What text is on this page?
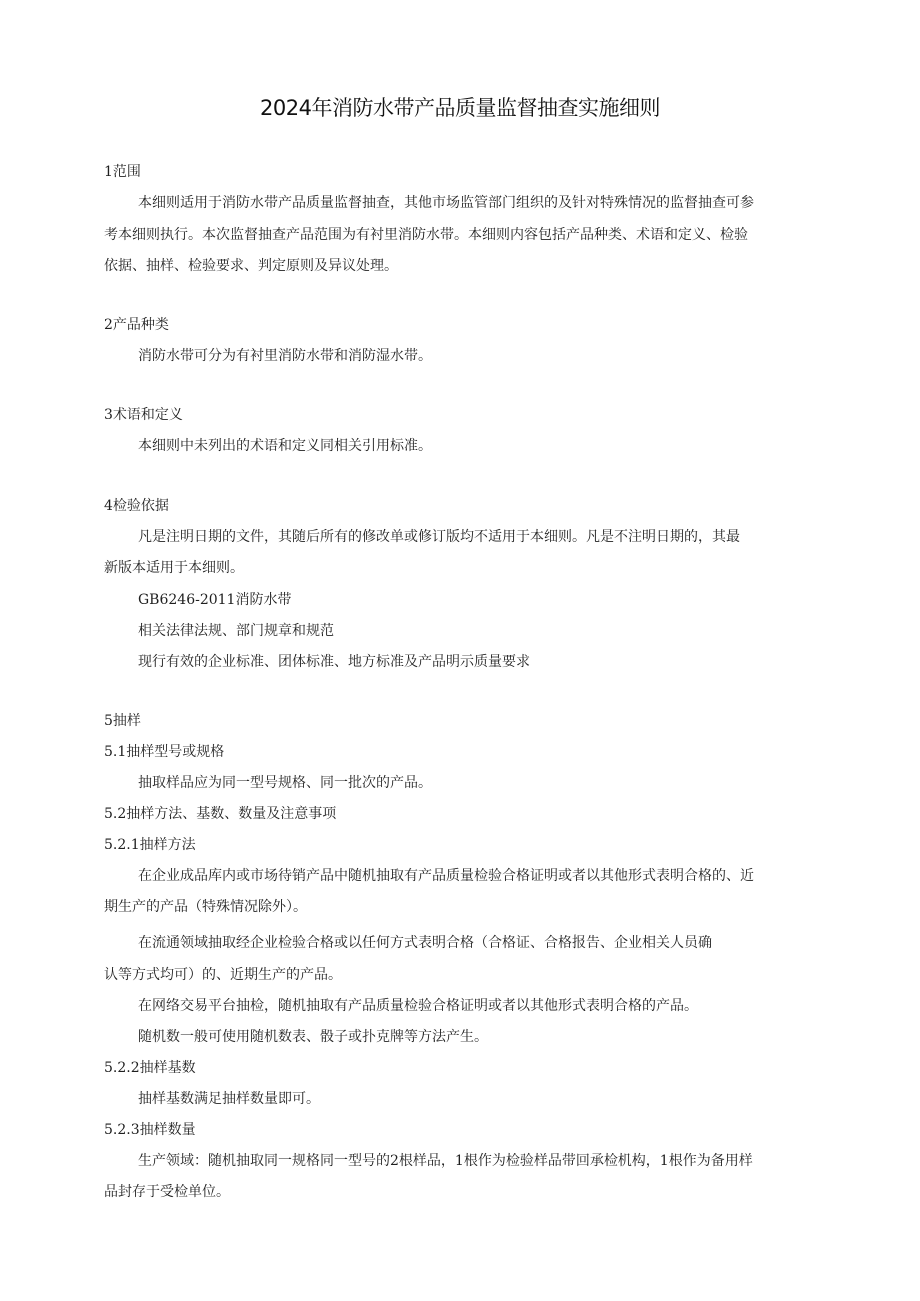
2024年消防水带产品质量监督抽查实施细则
1范围
本细则适用于消防水带产品质量监督抽查，其他市场监管部门组织的及针对特殊情况的监督抽查可参
考本细则执行。本次监督抽查产品范围为有衬里消防水带。本细则内容包括产品种类、术语和定义、检验
依据、抽样、检验要求、判定原则及异议处理。
2产品种类
消防水带可分为有衬里消防水带和消防湿水带。
3术语和定义
本细则中未列出的术语和定义同相关引用标准。
4检验依据
凡是注明日期的文件，其随后所有的修改单或修订版均不适用于本细则。凡是不注明日期的，其最
新版本适用于本细则。
GB6246-2011消防水带
相关法律法规、部门规章和规范
现行有效的企业标准、团体标准、地方标准及产品明示质量要求
5抽样
5.1抽样型号或规格
抽取样品应为同一型号规格、同一批次的产品。
5.2抽样方法、基数、数量及注意事项
5.2.1抽样方法
在企业成品库内或市场待销产品中随机抽取有产品质量检验合格证明或者以其他形式表明合格的、近
期生产的产品（特殊情况除外）。
在流通领域抽取经企业检验合格或以任何方式表明合格（合格证、合格报告、企业相关人员确
认等方式均可）的、近期生产的产品。
在网络交易平台抽检，随机抽取有产品质量检验合格证明或者以其他形式表明合格的产品。
随机数一般可使用随机数表、骰子或扑克牌等方法产生。
5.2.2抽样基数
抽样基数满足抽样数量即可。
5.2.3抽样数量
生产领域：随机抽取同一规格同一型号的2根样品，1根作为检验样品带回承检机构，1根作为备用样
品封存于受检单位。
